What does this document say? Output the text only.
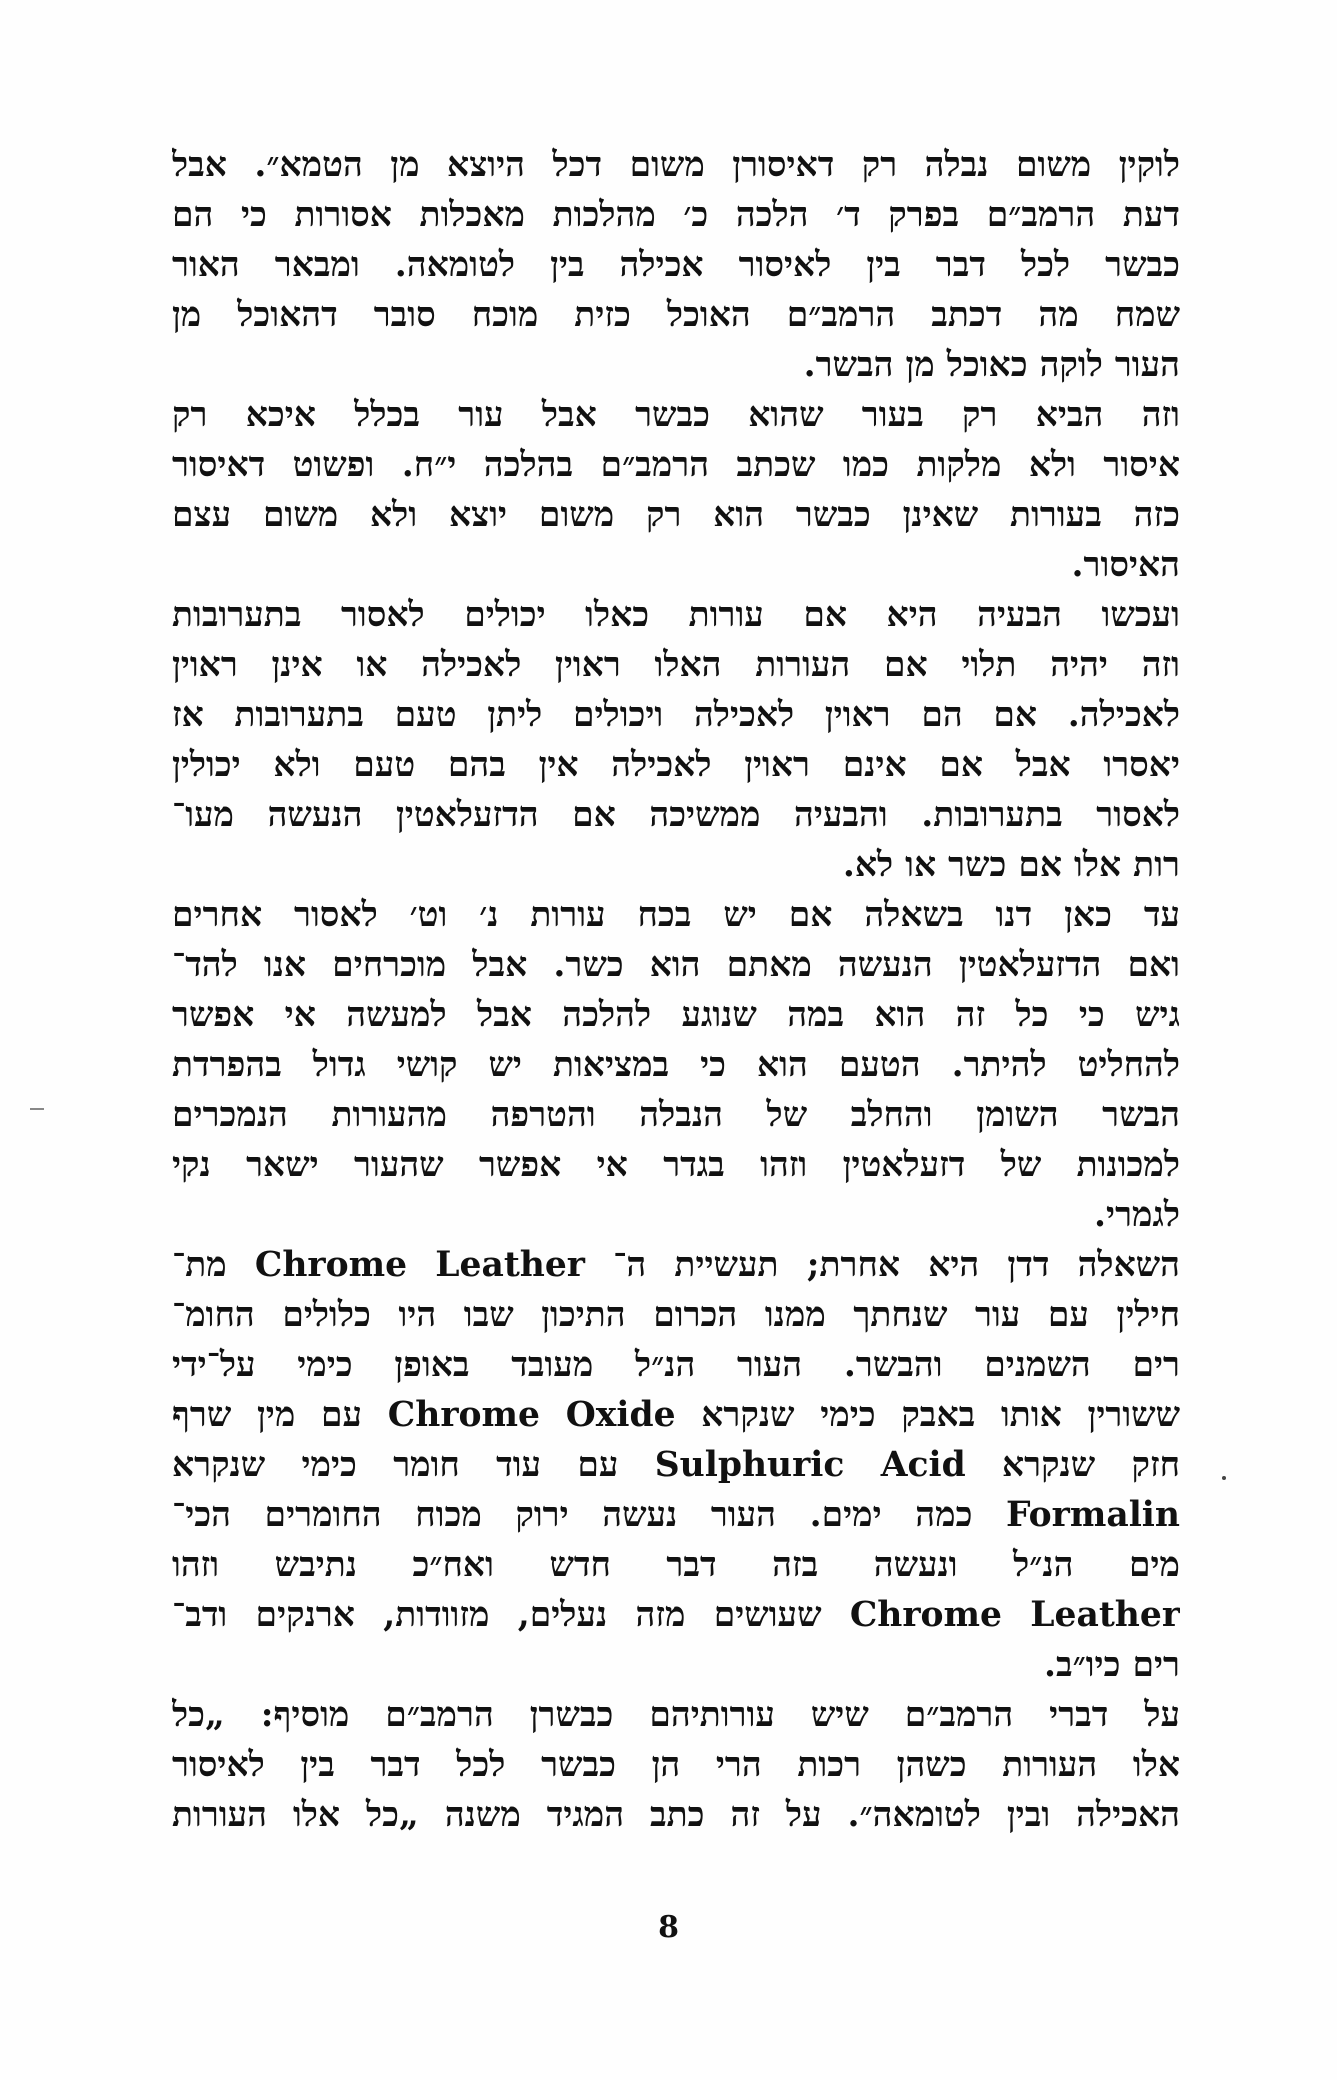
לוקין משום נבלה רק דאיסורן משום דכל היוצא מן הטמא״. אבל
דעת הרמב״ם בפרק ד׳ הלכה כ׳ מהלכות מאכלות אסורות כי הם
כבשר לכל דבר בין לאיסור אכילה בין לטומאה. ומבאר האור
שמח מה דכתב הרמב״ם האוכל כזית מוכח סובר דהאוכל מן
העור לוקה כאוכל מן הבשר.
וזה הביא רק בעור שהוא כבשר אבל עור בכלל איכא רק
איסור ולא מלקות כמו שכתב הרמב״ם בהלכה י״ח. ופשוט דאיסור
כזה בעורות שאינן כבשר הוא רק משום יוצא ולא משום עצם
האיסור.
ועכשו הבעיה היא אם עורות כאלו יכולים לאסור בתערובות
וזה יהיה תלוי אם העורות האלו ראוין לאכילה או אינן ראוין
לאכילה. אם הם ראוין לאכילה ויכולים ליתן טעם בתערובות אז
יאסרו אבל אם אינם ראוין לאכילה אין בהם טעם ולא יכולין
לאסור בתערובות. והבעיה ממשיכה אם הדזעלאטין הנעשה מעו־
רות אלו אם כשר או לא.
עד כאן דנו בשאלה אם יש בכח עורות נ׳ וט׳ לאסור אחרים
ואם הדזעלאטין הנעשה מאתם הוא כשר. אבל מוכרחים אנו להד־
גיש כי כל זה הוא במה שנוגע להלכה אבל למעשה אי אפשר
להחליט להיתר. הטעם הוא כי במציאות יש קושי גדול בהפרדת
הבשר השומן והחלב של הנבלה והטרפה מהעורות הנמכרים
למכונות של דזעלאטין וזהו בגדר אי אפשר שהעור ישאר נקי
לגמרי.
השאלה דדן היא אחרת; תעשיית ה־ Chrome Leather מת־
חילין עם עור שנחתך ממנו הכרום התיכון שבו היו כלולים החומ־
רים השמנים והבשר. העור הנ״ל מעובד באופן כימי על־ידי
ששורין אותו באבק כימי שנקרא Chrome Oxide עם מין שרף
חזק שנקרא Sulphuric Acid עם עוד חומר כימי שנקרא
Formalin כמה ימים. העור נעשה ירוק מכוח החומרים הכי־
מים הנ״ל ונעשה בזה דבר חדש ואח״כ נתיבש וזהו
Chrome Leather שעושים מזה נעלים, מזוודות, ארנקים ודב־
רים כיו״ב.
על דברי הרמב״ם שיש עורותיהם כבשרן הרמב״ם מוסיף: „כל
אלו העורות כשהן רכות הרי הן כבשר לכל דבר בין לאיסור
האכילה ובין לטומאה״. על זה כתב המגיד משנה „כל אלו העורות
8
